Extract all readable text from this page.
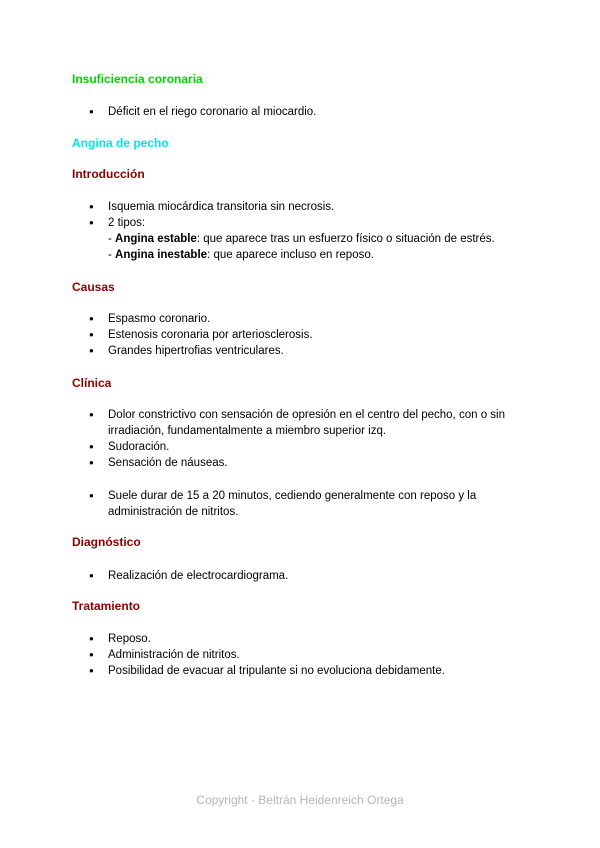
Insuficiencia coronaria
● Déficit en el riego coronario al miocardio.
Angina de pecho
Introducción
● Isquemia miocárdica transitoria sin necrosis.
● 2 tipos:
- Angina estable: que aparece tras un esfuerzo físico o situación de estrés.
- Angina inestable: que aparece incluso en reposo.
Causas
● Espasmo coronario.
● Estenosis coronaria por arteriosclerosis.
● Grandes hipertrofias ventriculares.
Clínica
● Dolor constrictivo con sensación de opresión en el centro del pecho, con o sin irradiación, fundamentalmente a miembro superior izq.
● Sudoración.
● Sensación de náuseas.
● Suele durar de 15 a 20 minutos, cediendo generalmente con reposo y la administración de nitritos.
Diagnóstico
● Realización de electrocardiograma.
Tratamiento
● Reposo.
● Administración de nitritos.
● Posibilidad de evacuar al tripulante si no evoluciona debidamente.
Copyright - Beltrán Heidenreich Ortega
